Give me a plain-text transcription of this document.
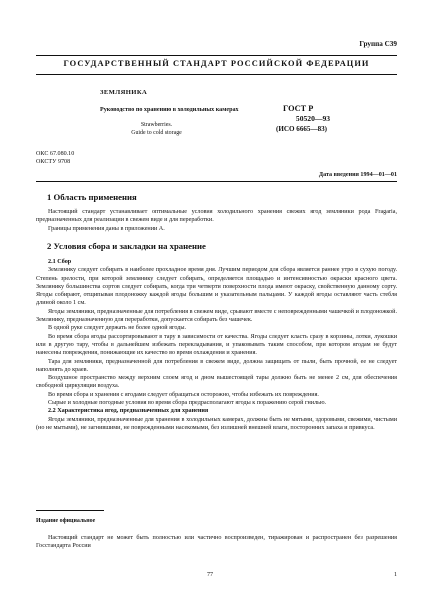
Группа С39
ГОСУДАРСТВЕННЫЙ СТАНДАРТ РОССИЙСКОЙ ФЕДЕРАЦИИ
ЗЕМЛЯНИКА
Руководство по хранению в холодильных камерах
Strawberries.
Guide to cold storage
ГОСТ Р
50520—93
(ИСО 6665—83)
ОКС 67.080.10
ОКСТУ 9708
Дата введения 1994—01—01
1 Область применения

Настоящий стандарт устанавливает оптимальные условия холодильного хранения свежих ягод земляники рода Fragaria, предназначенных для реализации в свежем виде и для переработки.

Границы применения даны в приложении А.

2 Условия сбора и закладки на хранение

2.1 Сбор

Землянику следует собирать в наиболее прохладное время дня. Лучшим периодом для сбора является раннее утро в сухую погоду. Степень зрелости, при которой землянику следует собирать, определяется площадью и интенсивностью окраски красного цвета. Землянику большинства сортов следует собирать, когда три четверти поверхности плода имеют окраску, свойственную данному сорту. Ягоды собирают, отщипывая плодоножку каждой ягоды большим и указательным пальцами. У каждой ягоды оставляют часть стебля длиной около 1 см.

Ягоды земляники, предназначенные для потребления в свежем виде, срывают вместе с неповрежденными чашечкой и плодоножкой. Землянику, предназначенную для переработки, допускается собирать без чашечек.

В одной руке следует держать не более одной ягоды.

Во время сбора ягоды рассортировывают в тару в зависимости от качества. Ягоды следует класть сразу в корзины, лотки, лукошки или в другую тару, чтобы в дальнейшем избежать перекладывания, и упаковывать таким способом, при котором ягодам не будут нанесены повреждения, понижающие их качество во время охлаждения и хранения.

Тара для земляники, предназначенной для потребления в свежем виде, должна защищать от пыли, быть прочной, ее не следует наполнять до краев.

Воздушное пространство между верхним слоем ягод и дном вышестоящей тары должно быть не менее 2 см, для обеспечения свободной циркуляции воздуха.

Во время сбора и хранения с ягодами следует обращаться осторожно, чтобы избежать их повреждения.

Сырые и холодные погодные условия во время сбора предрасполагают ягоды к поражению серой гнилью.

2.2 Характеристика ягод, предназначенных для хранения

Ягоды земляники, предназначенные для хранения в холодильных камерах, должны быть не мятыми, здоровыми, свежими, чистыми (но не мытыми), не загнившими, не поврежденными насекомыми, без излишней внешней влаги, посторонних запаха и привкуса.

Издание официальное

Настоящий стандарт не может быть полностью или частично воспроизведен, тиражирован и распространен без разрешения Госстандарта России

77	1
